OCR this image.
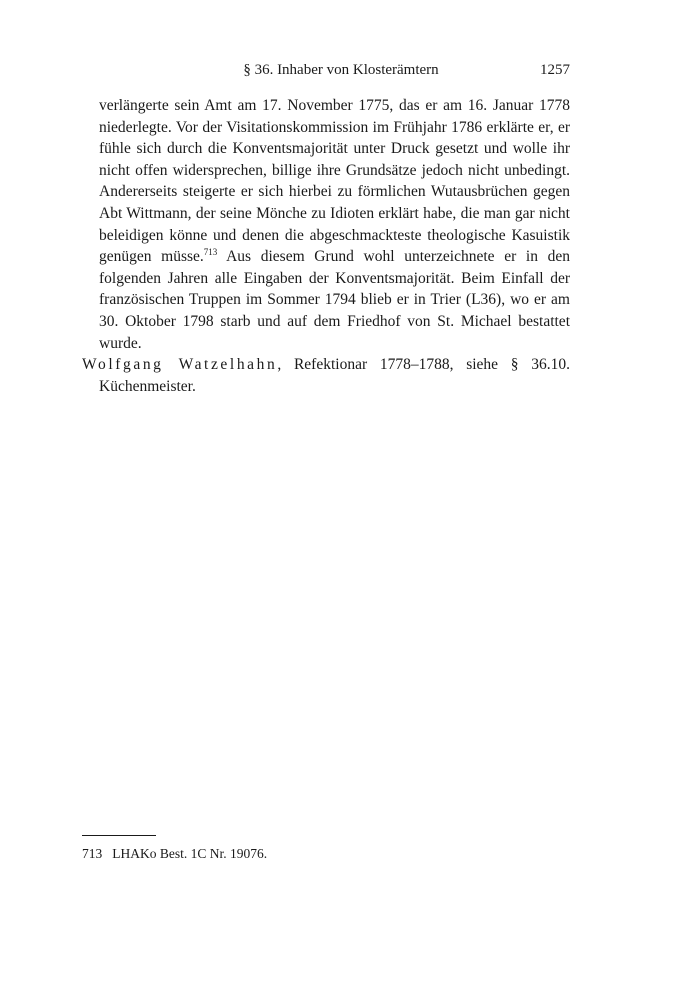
§ 36. Inhaber von Klosterämtern	1257

verlängerte sein Amt am 17. November 1775, das er am 16. Januar 1778 niederlegte. Vor der Visitationskommission im Frühjahr 1786 erklärte er, er fühle sich durch die Konventsmajorität unter Druck gesetzt und wolle ihr nicht offen widersprechen, billige ihre Grundsätze jedoch nicht unbedingt. Andererseits steigerte er sich hierbei zu förmlichen Wutausbrüchen gegen Abt Wittmann, der seine Mönche zu Idioten erklärt habe, die man gar nicht beleidigen könne und denen die abgeschmackteste theologische Kasuistik genügen müsse.$^{713}$ Aus diesem Grund wohl unterzeichnete er in den folgenden Jahren alle Eingaben der Konventsmajorität. Beim Einfall der französischen Truppen im Sommer 1794 blieb er in Trier (L36), wo er am 30. Oktober 1798 starb und auf dem Friedhof von St. Michael bestattet wurde.

Wolfgang Watzelhahn, Refektionar 1778–1788, siehe § 36.10. Küchenmeister.

713 LHAKo Best. 1C Nr. 19076.
